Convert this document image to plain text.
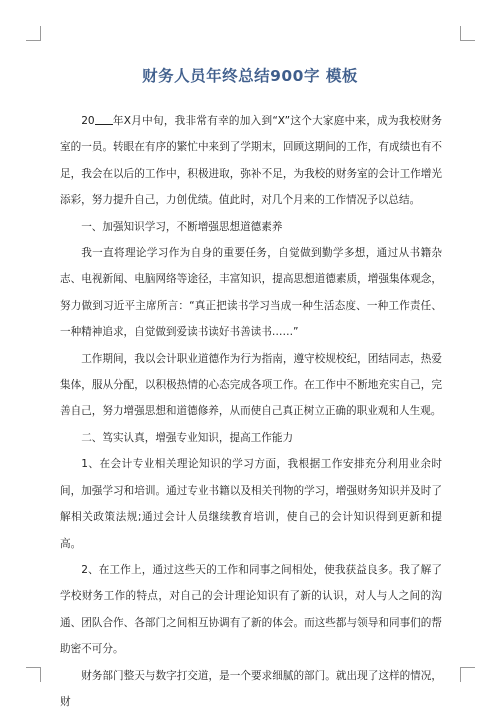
财务人员年终总结900字 模板

20 年X月中旬，我非常有幸的加入到“X”这个大家庭中来，成为我校财务室的一员。转眼在有序的繁忙中来到了学期末，回顾这期间的工作，有成绩也有不足，我会在以后的工作中，积极进取，弥补不足，为我校的财务室的会计工作增光添彩，努力提升自己，力创优绩。值此时，对几个月来的工作情况予以总结。

一、加强知识学习，不断增强思想道德素养

我一直将理论学习作为自身的重要任务，自觉做到勤学多想，通过从书籍杂志、电视新闻、电脑网络等途径，丰富知识，提高思想道德素质，增强集体观念，努力做到习近平主席所言：“真正把读书学习当成一种生活态度、一种工作责任、一种精神追求，自觉做到爱读书读好书善读书……”

工作期间，我以会计职业道德作为行为指南，遵守校规校纪，团结同志，热爱集体，服从分配，以积极热情的心态完成各项工作。在工作中不断地充实自己，完善自己，努力增强思想和道德修养，从而使自己真正树立正确的职业观和人生观。

二、笃实认真，增强专业知识，提高工作能力

1、在会计专业相关理论知识的学习方面，我根据工作安排充分利用业余时间，加强学习和培训。通过专业书籍以及相关刊物的学习，增强财务知识并及时了解相关政策法规;通过会计人员继续教育培训，使自己的会计知识得到更新和提高。

2、在工作上，通过这些天的工作和同事之间相处，使我获益良多。我了解了学校财务工作的特点，对自己的会计理论知识有了新的认识，对人与人之间的沟通、团队合作、各部门之间相互协调有了新的体会。而这些都与领导和同事们的帮助密不可分。

财务部门整天与数字打交道，是一个要求细腻的部门。就出现了这样的情况，财
